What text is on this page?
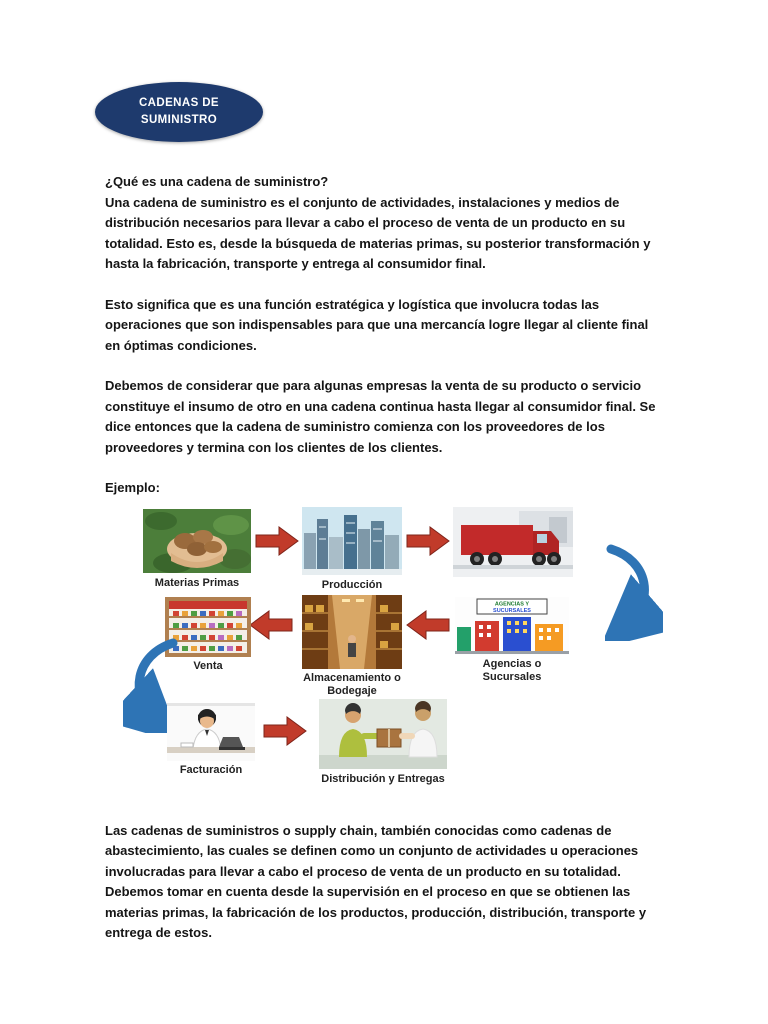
CADENAS DE
SUMINISTRO

¿Qué es una cadena de suministro?

Una cadena de suministro es el conjunto de actividades, instalaciones y medios de distribución necesarios para llevar a cabo el proceso de venta de un producto en su totalidad. Esto es, desde la búsqueda de materias primas, su posterior transformación y hasta la fabricación, transporte y entrega al consumidor final.

Esto significa que es una función estratégica y logística que involucra todas las operaciones que son indispensables para que una mercancía logre llegar al cliente final en óptimas condiciones.

Debemos de considerar que para algunas empresas la venta de su producto o servicio constituye el insumo de otro en una cadena continua hasta llegar al consumidor final. Se dice entonces que la cadena de suministro comienza con los proveedores de los proveedores y termina con los clientes de los clientes.

Ejemplo:

Materias Primas	Producción
AGENCIAS Y
SUCURSALES
Agencias o Sucursales
Almacenamiento o Bodegaje
Venta
Facturación
Distribución y Entregas

Las cadenas de suministros o supply chain, también conocidas como cadenas de abastecimiento, las cuales se definen como un conjunto de actividades u operaciones involucradas para llevar a cabo el proceso de venta de un producto en su totalidad. Debemos tomar en cuenta desde la supervisión en el proceso en que se obtienen las materias primas, la fabricación de los productos, producción, distribución, transporte y entrega de estos.
